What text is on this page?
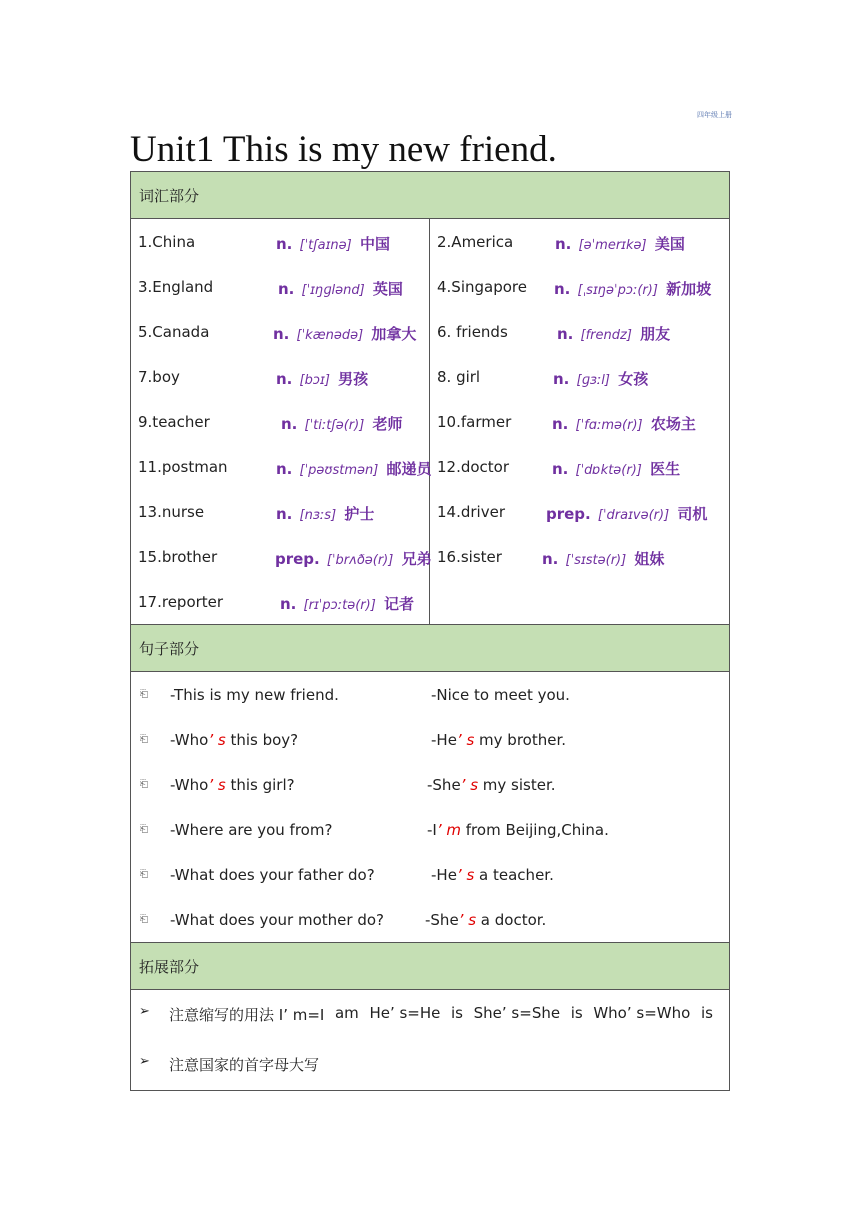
四年级上册
Unit1 This is my new friend.
词汇部分
1.China	n. [ˈtʃaɪnə] 中国
3.England	n. [ˈɪŋɡlənd] 英国
5.Canada	n. [ˈkænədə] 加拿大
7.boy	n. [bɔɪ] 男孩
9.teacher	n. [ˈtiːtʃə(r)] 老师
11.postman	n. [ˈpəʊstmən] 邮递员
13.nurse	n. [nɜːs] 护士
15.brother	prep. [ˈbrʌðə(r)] 兄弟
17.reporter	n. [rɪˈpɔːtə(r)] 记者
2.America	n. [əˈmerɪkə] 美国
4.Singapore n. [ˌsɪŋəˈpɔː(r)] 新加坡
6. friends	n. [frendz] 朋友
8. girl	n. [ɡɜːl] 女孩
10.farmer	n. [ˈfɑːmə(r)] 农场主
12.doctor	n. [ˈdɒktə(r)] 医生
14.driver	prep. [ˈdraɪvə(r)] 司机
16.sister	n. [ˈsɪstə(r)] 姐妹
句子部分
⎗ -This is my new friend.	-Nice to meet you.
⎗ -Who’ s this boy?	-He’ s my brother.
⎗ -Who’ s this girl?	-She’ s my sister.
⎗ -Where are you from?	-I’ m from Beijing,China.
⎗ -What does your father do?	-He’ s a teacher.
⎗ -What does your mother do?	-She’ s a doctor.
拓展部分
➢ 注意缩写的用法 I’ m=I am He’ s=He is She’ s=She is Who’ s=Who is
➢ 注意国家的首字母大写
